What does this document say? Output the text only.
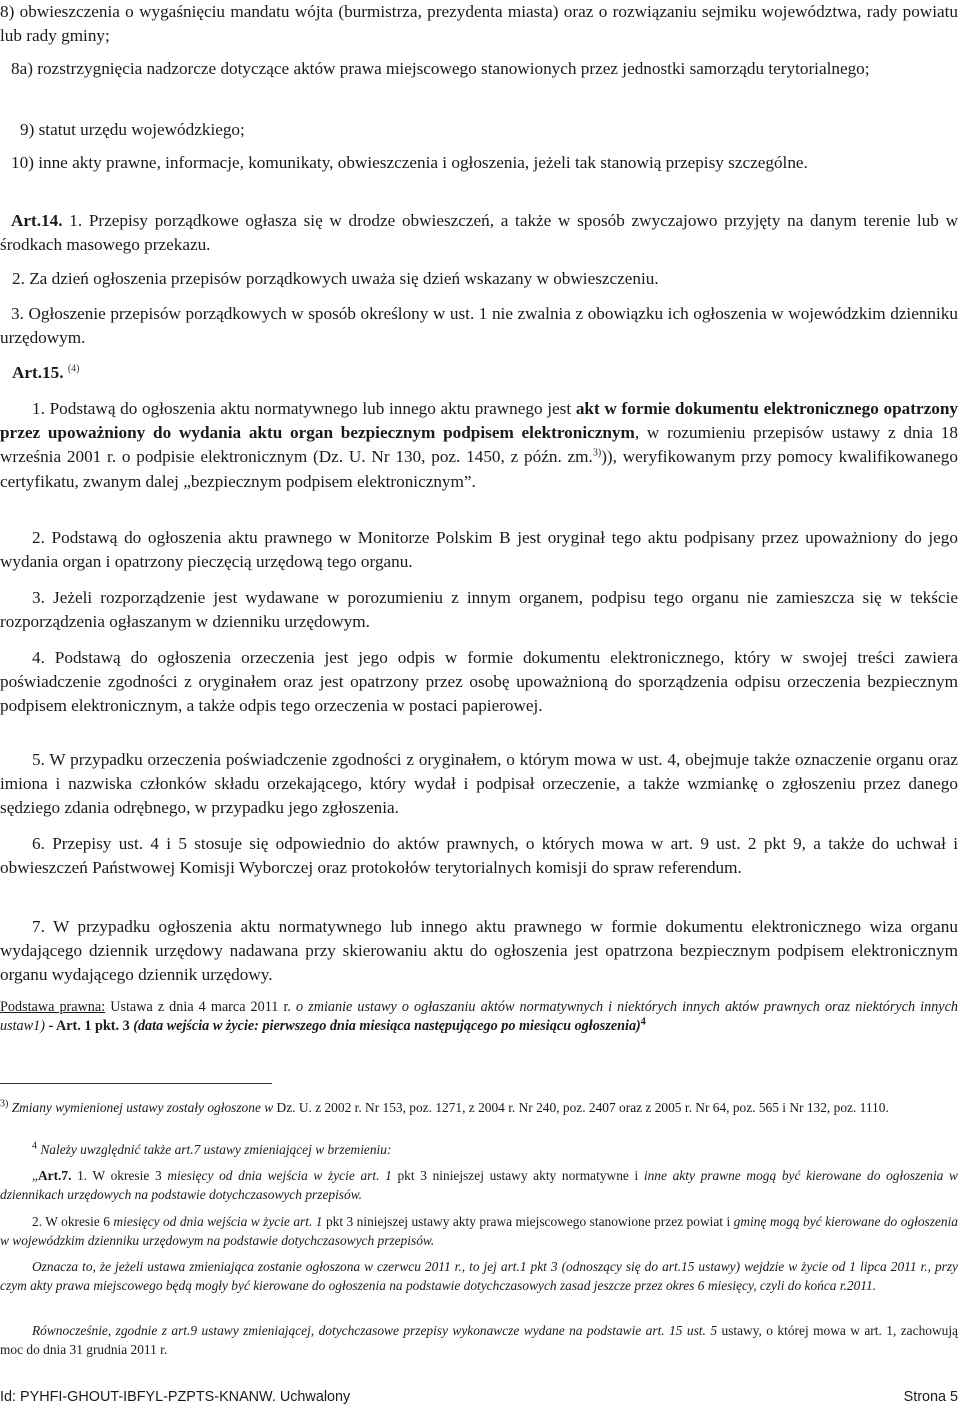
8) obwieszczenia o wygaśnięciu mandatu wójta (burmistrza, prezydenta miasta) oraz o rozwiązaniu sejmiku województwa, rady powiatu lub rady gminy;

8a) rozstrzygnięcia nadzorcze dotyczące aktów prawa miejscowego stanowionych przez jednostki samorządu terytorialnego;

9) statut urzędu wojewódzkiego;

10) inne akty prawne, informacje, komunikaty, obwieszczenia i ogłoszenia, jeżeli tak stanowią przepisy szczególne.

Art.14. 1. Przepisy porządkowe ogłasza się w drodze obwieszczeń, a także w sposób zwyczajowo przyjęty na danym terenie lub w środkach masowego przekazu.

2. Za dzień ogłoszenia przepisów porządkowych uważa się dzień wskazany w obwieszczeniu.

3. Ogłoszenie przepisów porządkowych w sposób określony w ust. 1 nie zwalnia z obowiązku ich ogłoszenia w wojewódzkim dzienniku urzędowym.

Art.15. $^{(4)}$

1. Podstawą do ogłoszenia aktu normatywnego lub innego aktu prawnego jest akt w formie dokumentu elektronicznego opatrzony przez upoważniony do wydania aktu organ bezpiecznym podpisem elektronicznym, w rozumieniu przepisów ustawy z dnia 18 września 2001 r. o podpisie elektronicznym (Dz. U. Nr 130, poz. 1450, z późn. zm.$^{3)}$)), weryfikowanym przy pomocy kwalifikowanego certyfikatu, zwanym dalej „bezpiecznym podpisem elektronicznym”.

2. Podstawą do ogłoszenia aktu prawnego w Monitorze Polskim B jest oryginał tego aktu podpisany przez upoważniony do jego wydania organ i opatrzony pieczęcią urzędową tego organu.

3. Jeżeli rozporządzenie jest wydawane w porozumieniu z innym organem, podpisu tego organu nie zamieszcza się w tekście rozporządzenia ogłaszanym w dzienniku urzędowym.

4. Podstawą do ogłoszenia orzeczenia jest jego odpis w formie dokumentu elektronicznego, który w swojej treści zawiera poświadczenie zgodności z oryginałem oraz jest opatrzony przez osobę upoważnioną do sporządzenia odpisu orzeczenia bezpiecznym podpisem elektronicznym, a także odpis tego orzeczenia w postaci papierowej.

5. W przypadku orzeczenia poświadczenie zgodności z oryginałem, o którym mowa w ust. 4, obejmuje także oznaczenie organu oraz imiona i nazwiska członków składu orzekającego, który wydał i podpisał orzeczenie, a także wzmiankę o zgłoszeniu przez danego sędziego zdania odrębnego, w przypadku jego zgłoszenia.

6. Przepisy ust. 4 i 5 stosuje się odpowiednio do aktów prawnych, o których mowa w art. 9 ust. 2 pkt 9, a także do uchwał i obwieszczeń Państwowej Komisji Wyborczej oraz protokołów terytorialnych komisji do spraw referendum.

7. W przypadku ogłoszenia aktu normatywnego lub innego aktu prawnego w formie dokumentu elektronicznego wiza organu wydającego dziennik urzędowy nadawana przy skierowaniu aktu do ogłoszenia jest opatrzona bezpiecznym podpisem elektronicznym organu wydającego dziennik urzędowy.

Podstawa prawna: Ustawa z dnia 4 marca 2011 r. o zmianie ustawy o ogłaszaniu aktów normatywnych i niektórych innych aktów prawnych oraz niektórych innych ustaw1) - Art. 1 pkt. 3 (data wejścia w życie: pierwszego dnia miesiąca następującego po miesiącu ogłoszenia)$^4$

$^{3)}$ Zmiany wymienionej ustawy zostały ogłoszone w Dz. U. z 2002 r. Nr 153, poz. 1271, z 2004 r. Nr 240, poz. 2407 oraz z 2005 r. Nr 64, poz. 565 i Nr 132, poz. 1110.

$^4$ Należy uwzględnić także art.7 ustawy zmieniającej w brzemieniu:

„Art.7. 1. W okresie 3 miesięcy od dnia wejścia w życie art. 1 pkt 3 niniejszej ustawy akty normatywne i inne akty prawne mogą być kierowane do ogłoszenia w dziennikach urzędowych na podstawie dotychczasowych przepisów.

2. W okresie 6 miesięcy od dnia wejścia w życie art. 1 pkt 3 niniejszej ustawy akty prawa miejscowego stanowione przez powiat i gminę mogą być kierowane do ogłoszenia w wojewódzkim dzienniku urzędowym na podstawie dotychczasowych przepisów.

Oznacza to, że jeżeli ustawa zmieniająca zostanie ogłoszona w czerwcu 2011 r., to jej art.1 pkt 3 (odnoszący się do art.15 ustawy) wejdzie w życie od 1 lipca 2011 r., przy czym akty prawa miejscowego będą mogły być kierowane do ogłoszenia na podstawie dotychczasowych zasad jeszcze przez okres 6 miesięcy, czyli do końca r.2011.

Równocześnie, zgodnie z art.9 ustawy zmieniającej, dotychczasowe przepisy wykonawcze wydane na podstawie art. 15 ust. 5 ustawy, o której mowa w art. 1, zachowują moc do dnia 31 grudnia 2011 r.

Id: PYHFI-GHOUT-IBFYL-PZPTS-KNANW. Uchwalony	Strona 5
